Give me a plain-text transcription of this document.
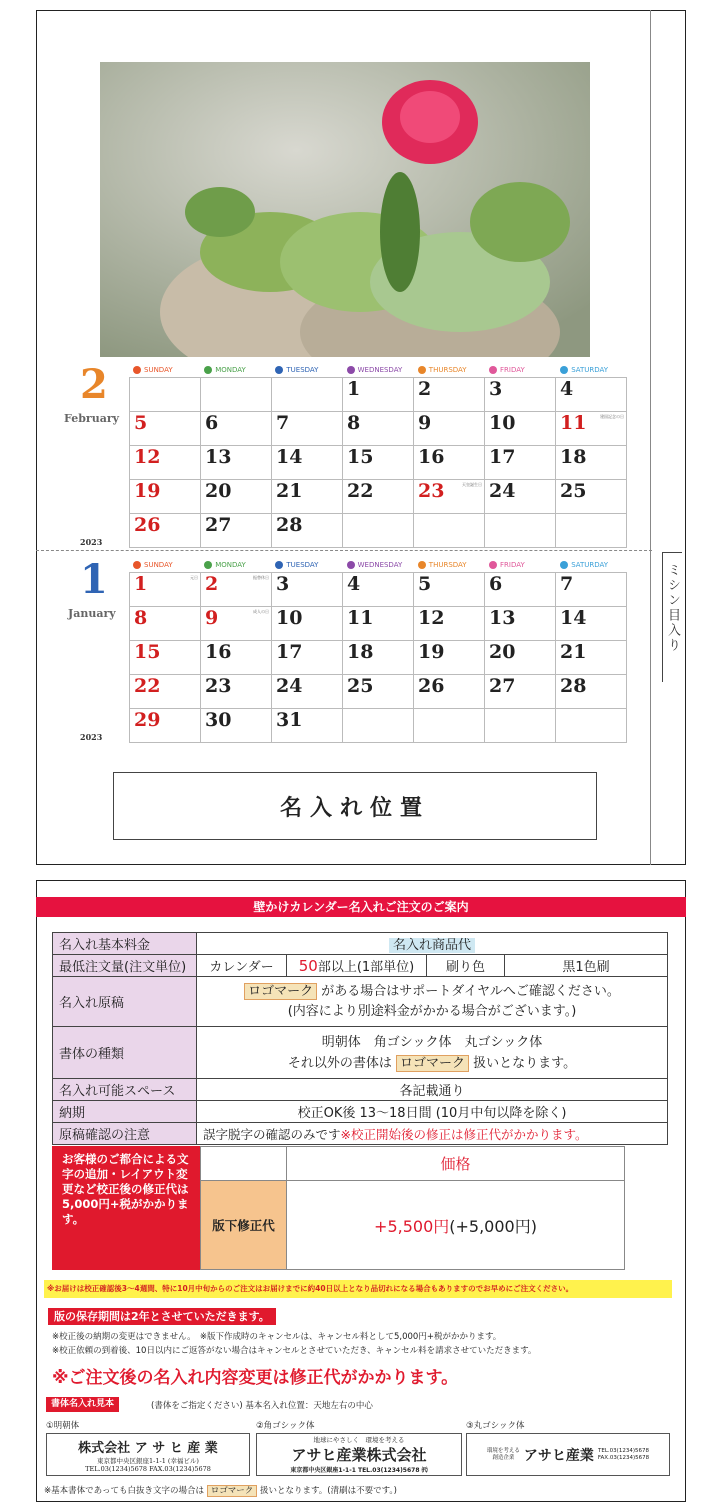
2
February
2023
SUNDAY	MONDAY	TUESDAY	WEDNESDAY	THURSDAY	FRIDAY	SATURDAY

			1	2	3	4

5	6	7	8	9	10	11 建国記念の日

12	13	14	15	16	17	18

19	20	21	22	23 天皇誕生日	24	25

26	27	28				

1
January
2023
SUNDAY	MONDAY	TUESDAY	WEDNESDAY	THURSDAY	FRIDAY	SATURDAY
1 元日	2 振替休日	3	4	5	6	7

8	9 成人の日	10	11	12	13	14

15	16	17	18	19	20	21

22	23	24	25	26	27	28

29	30	31				

ミシン目入り
名入れ位置
壁かけカレンダー名入れご注文のご案内
名入れ基本料金	名入れ商品代			
最低注文量(注文単位)	カレンダー	50部以上(1部単位)	刷り色	黒1色刷
名入れ原稿	ロゴマーク がある場合はサポートダイヤルへご確認ください。
(内容により別途料金がかかる場合がございます。)			
書体の種類	明朝体　角ゴシック体　丸ゴシック体
それ以外の書体は ロゴマーク 扱いとなります。			
名入れ可能スペース	各記載通り			
納期	校正OK後 13〜18日間 (10月中旬以降を除く)			
原稿確認の注意	誤字脱字の確認のみです※校正開始後の修正は修正代がかかります。			
お客様のご都合による文字の追加・レイアウト変更など校正後の修正代は5,000円+税がかかります。
	価格
版下修正代	+5,500円(+5,000円)
※お届けは校正確認後3〜4週間、特に10月中旬からのご注文はお届けまでに約40日以上となり品切れになる場合もありますのでお早めにご注文ください。
版の保存期間は2年とさせていただきます。
※校正後の納期の変更はできません。　※版下作成時のキャンセルは、キャンセル料として5,000円+税がかかります。
※校正依頼の到着後、10日以内にご返答がない場合はキャンセルとさせていただき、キャンセル料を請求させていただきます。
※ご注文後の名入れ内容変更は修正代がかかります。
書体名入れ見本	(書体をご指定ください) 基本名入れ位置：天地左右の中心
①明朝体	②角ゴシック体	③丸ゴシック体
株式会社 ア サ ヒ 産 業
東京都中央区銀座1-1-1 (幸福ビル)
TEL.03(1234)5678 FAX.03(1234)5678
地球にやさしく　環境を考える
アサヒ産業株式会社
東京都中央区銀座1-1-1 TEL.03(1234)5678 ㈹
環境を考える
創造企業 アサヒ産業 TEL.03(1234)5678
FAX.03(1234)5678
※基本書体であっても白抜き文字の場合は ロゴマーク 扱いとなります。(清刷は不要です。)
